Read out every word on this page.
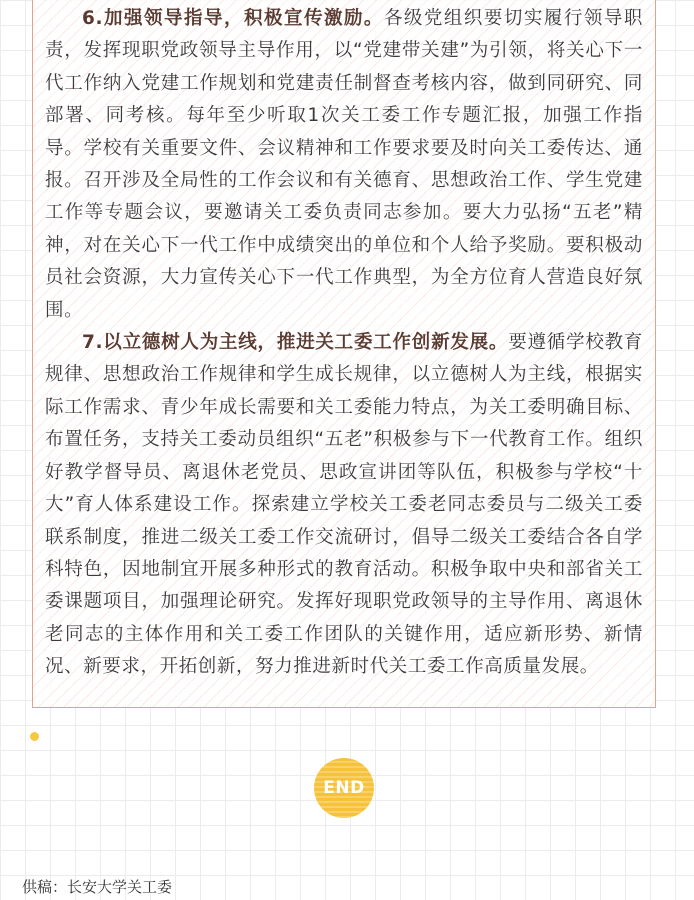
6.加强领导指导，积极宣传激励。各级党组织要切实履行领导职责，发挥现职党政领导主导作用，以“党建带关建”为引领，将关心下一代工作纳入党建工作规划和党建责任制督查考核内容，做到同研究、同部署、同考核。每年至少听取1次关工委工作专题汇报，加强工作指导。学校有关重要文件、会议精神和工作要求要及时向关工委传达、通报。召开涉及全局性的工作会议和有关德育、思想政治工作、学生党建工作等专题会议，要邀请关工委负责同志参加。要大力弘扬“五老”精神，对在关心下一代工作中成绩突出的单位和个人给予奖励。要积极动员社会资源，大力宣传关心下一代工作典型，为全方位育人营造良好氛围。

7.以立德树人为主线，推进关工委工作创新发展。要遵循学校教育规律、思想政治工作规律和学生成长规律，以立德树人为主线，根据实际工作需求、青少年成长需要和关工委能力特点，为关工委明确目标、布置任务，支持关工委动员组织“五老”积极参与下一代教育工作。组织好教学督导员、离退休老党员、思政宣讲团等队伍，积极参与学校“十大”育人体系建设工作。探索建立学校关工委老同志委员与二级关工委联系制度，推进二级关工委工作交流研讨，倡导二级关工委结合各自学科特色，因地制宜开展多种形式的教育活动。积极争取中央和部省关工委课题项目，加强理论研究。发挥好现职党政领导的主导作用、离退休老同志的主体作用和关工委工作团队的关键作用，适应新形势、新情况、新要求，开拓创新，努力推进新时代关工委工作高质量发展。

END
供稿：长安大学关工委
